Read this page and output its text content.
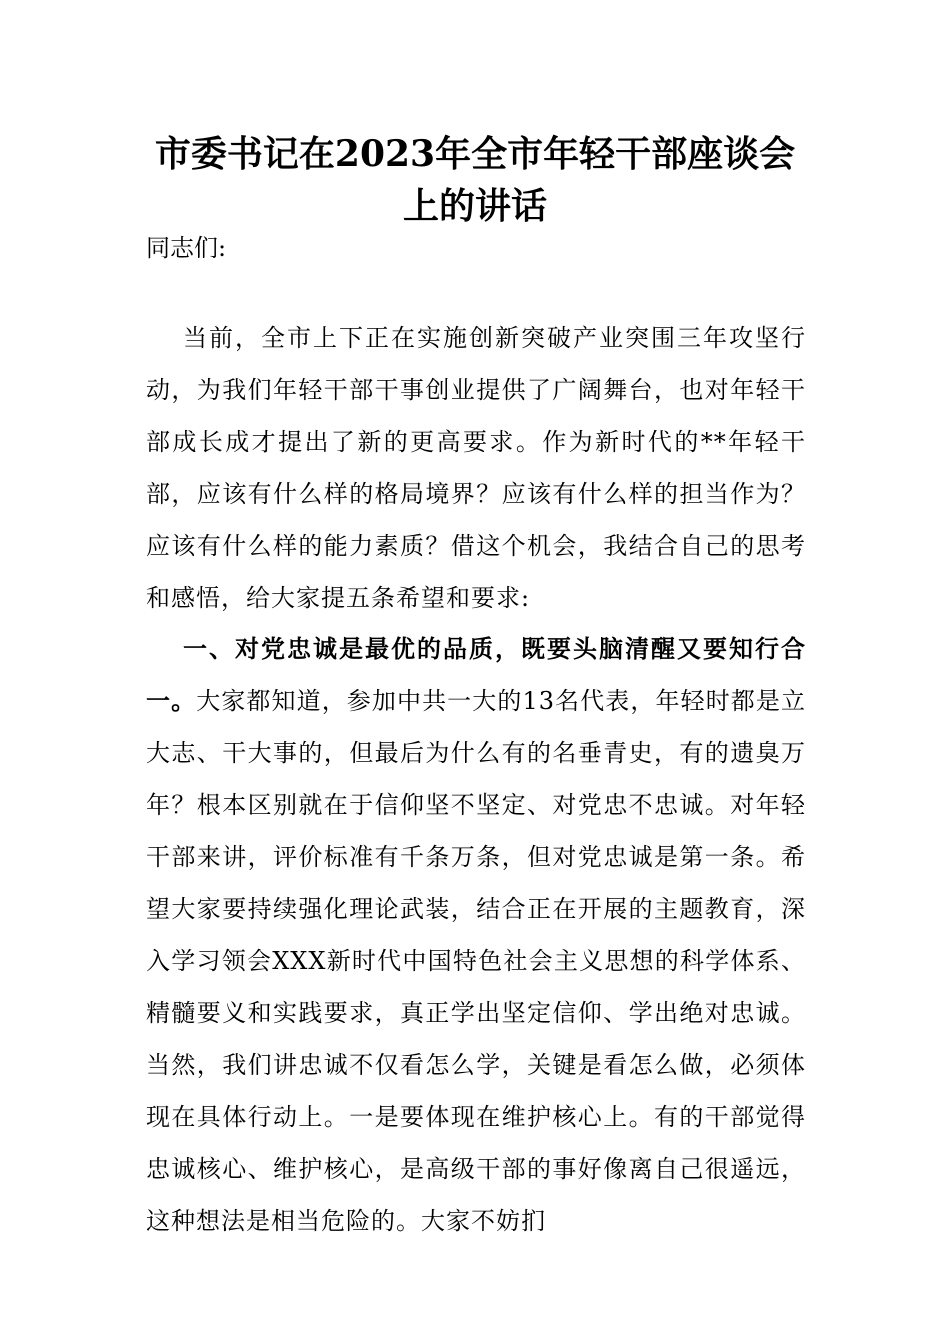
市委书记在2023年全市年轻干部座谈会上的讲话

同志们:

当前，全市上下正在实施创新突破产业突围三年攻坚行动，为我们年轻干部干事创业提供了广阔舞台，也对年轻干部成长成才提出了新的更高要求。作为新时代的**年轻干部，应该有什么样的格局境界？应该有什么样的担当作为？应该有什么样的能力素质？借这个机会，我结合自己的思考和感悟，给大家提五条希望和要求:

一、对党忠诚是最优的品质，既要头脑清醒又要知行合一。大家都知道，参加中共一大的13名代表，年轻时都是立大志、干大事的，但最后为什么有的名垂青史，有的遗臭万年？根本区别就在于信仰坚不坚定、对党忠不忠诚。对年轻干部来讲，评价标准有千条万条，但对党忠诚是第一条。希望大家要持续强化理论武装，结合正在开展的主题教育，深入学习领会XXX新时代中国特色社会主义思想的科学体系、精髓要义和实践要求，真正学出坚定信仰、学出绝对忠诚。当然，我们讲忠诚不仅看怎么学，关键是看怎么做，必须体现在具体行动上。一是要体现在维护核心上。有的干部觉得忠诚核心、维护核心，是高级干部的事好像离自己很遥远，这种想法是相当危险的。大家不妨扪
